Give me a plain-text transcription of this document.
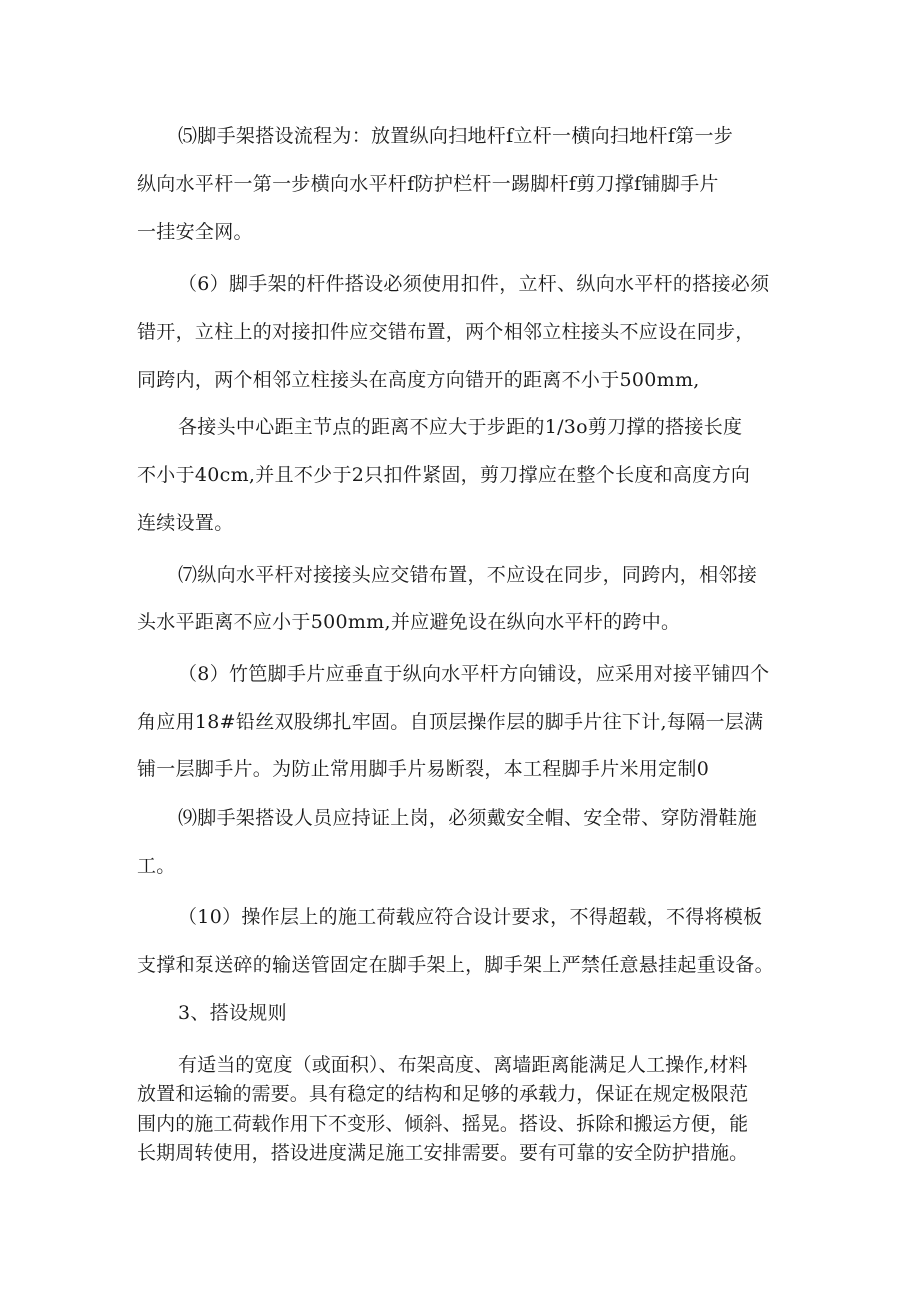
⑸脚手架搭设流程为：放置纵向扫地杆f立杆一横向扫地杆f第一步
纵向水平杆一第一步横向水平杆f防护栏杆一踢脚杆f剪刀撑f铺脚手片
一挂安全网。
（6）脚手架的杆件搭设必须使用扣件，立杆、纵向水平杆的搭接必须
错开，立柱上的对接扣件应交错布置，两个相邻立柱接头不应设在同步，
同跨内，两个相邻立柱接头在高度方向错开的距离不小于500mm,
各接头中心距主节点的距离不应大于步距的1/3o剪刀撑的搭接长度
不小于40cm,并且不少于2只扣件紧固，剪刀撑应在整个长度和高度方向
连续设置。
⑺纵向水平杆对接接头应交错布置，不应设在同步，同跨内，相邻接
头水平距离不应小于500mm,并应避免设在纵向水平杆的跨中。
（8）竹笆脚手片应垂直于纵向水平杆方向铺设，应采用对接平铺四个
角应用18#铅丝双股绑扎牢固。自顶层操作层的脚手片往下计,每隔一层满
铺一层脚手片。为防止常用脚手片易断裂，本工程脚手片米用定制0
⑼脚手架搭设人员应持证上岗，必须戴安全帽、安全带、穿防滑鞋施
工。
（10）操作层上的施工荷载应符合设计要求，不得超载，不得将模板
支撑和泵送碎的输送管固定在脚手架上，脚手架上严禁任意悬挂起重设备。
3、搭设规则
有适当的宽度（或面积）、布架高度、离墙距离能满足人工操作,材料
放置和运输的需要。具有稳定的结构和足够的承载力，保证在规定极限范
围内的施工荷载作用下不变形、倾斜、摇晃。搭设、拆除和搬运方便，能
长期周转使用，搭设进度满足施工安排需要。要有可靠的安全防护措施。
